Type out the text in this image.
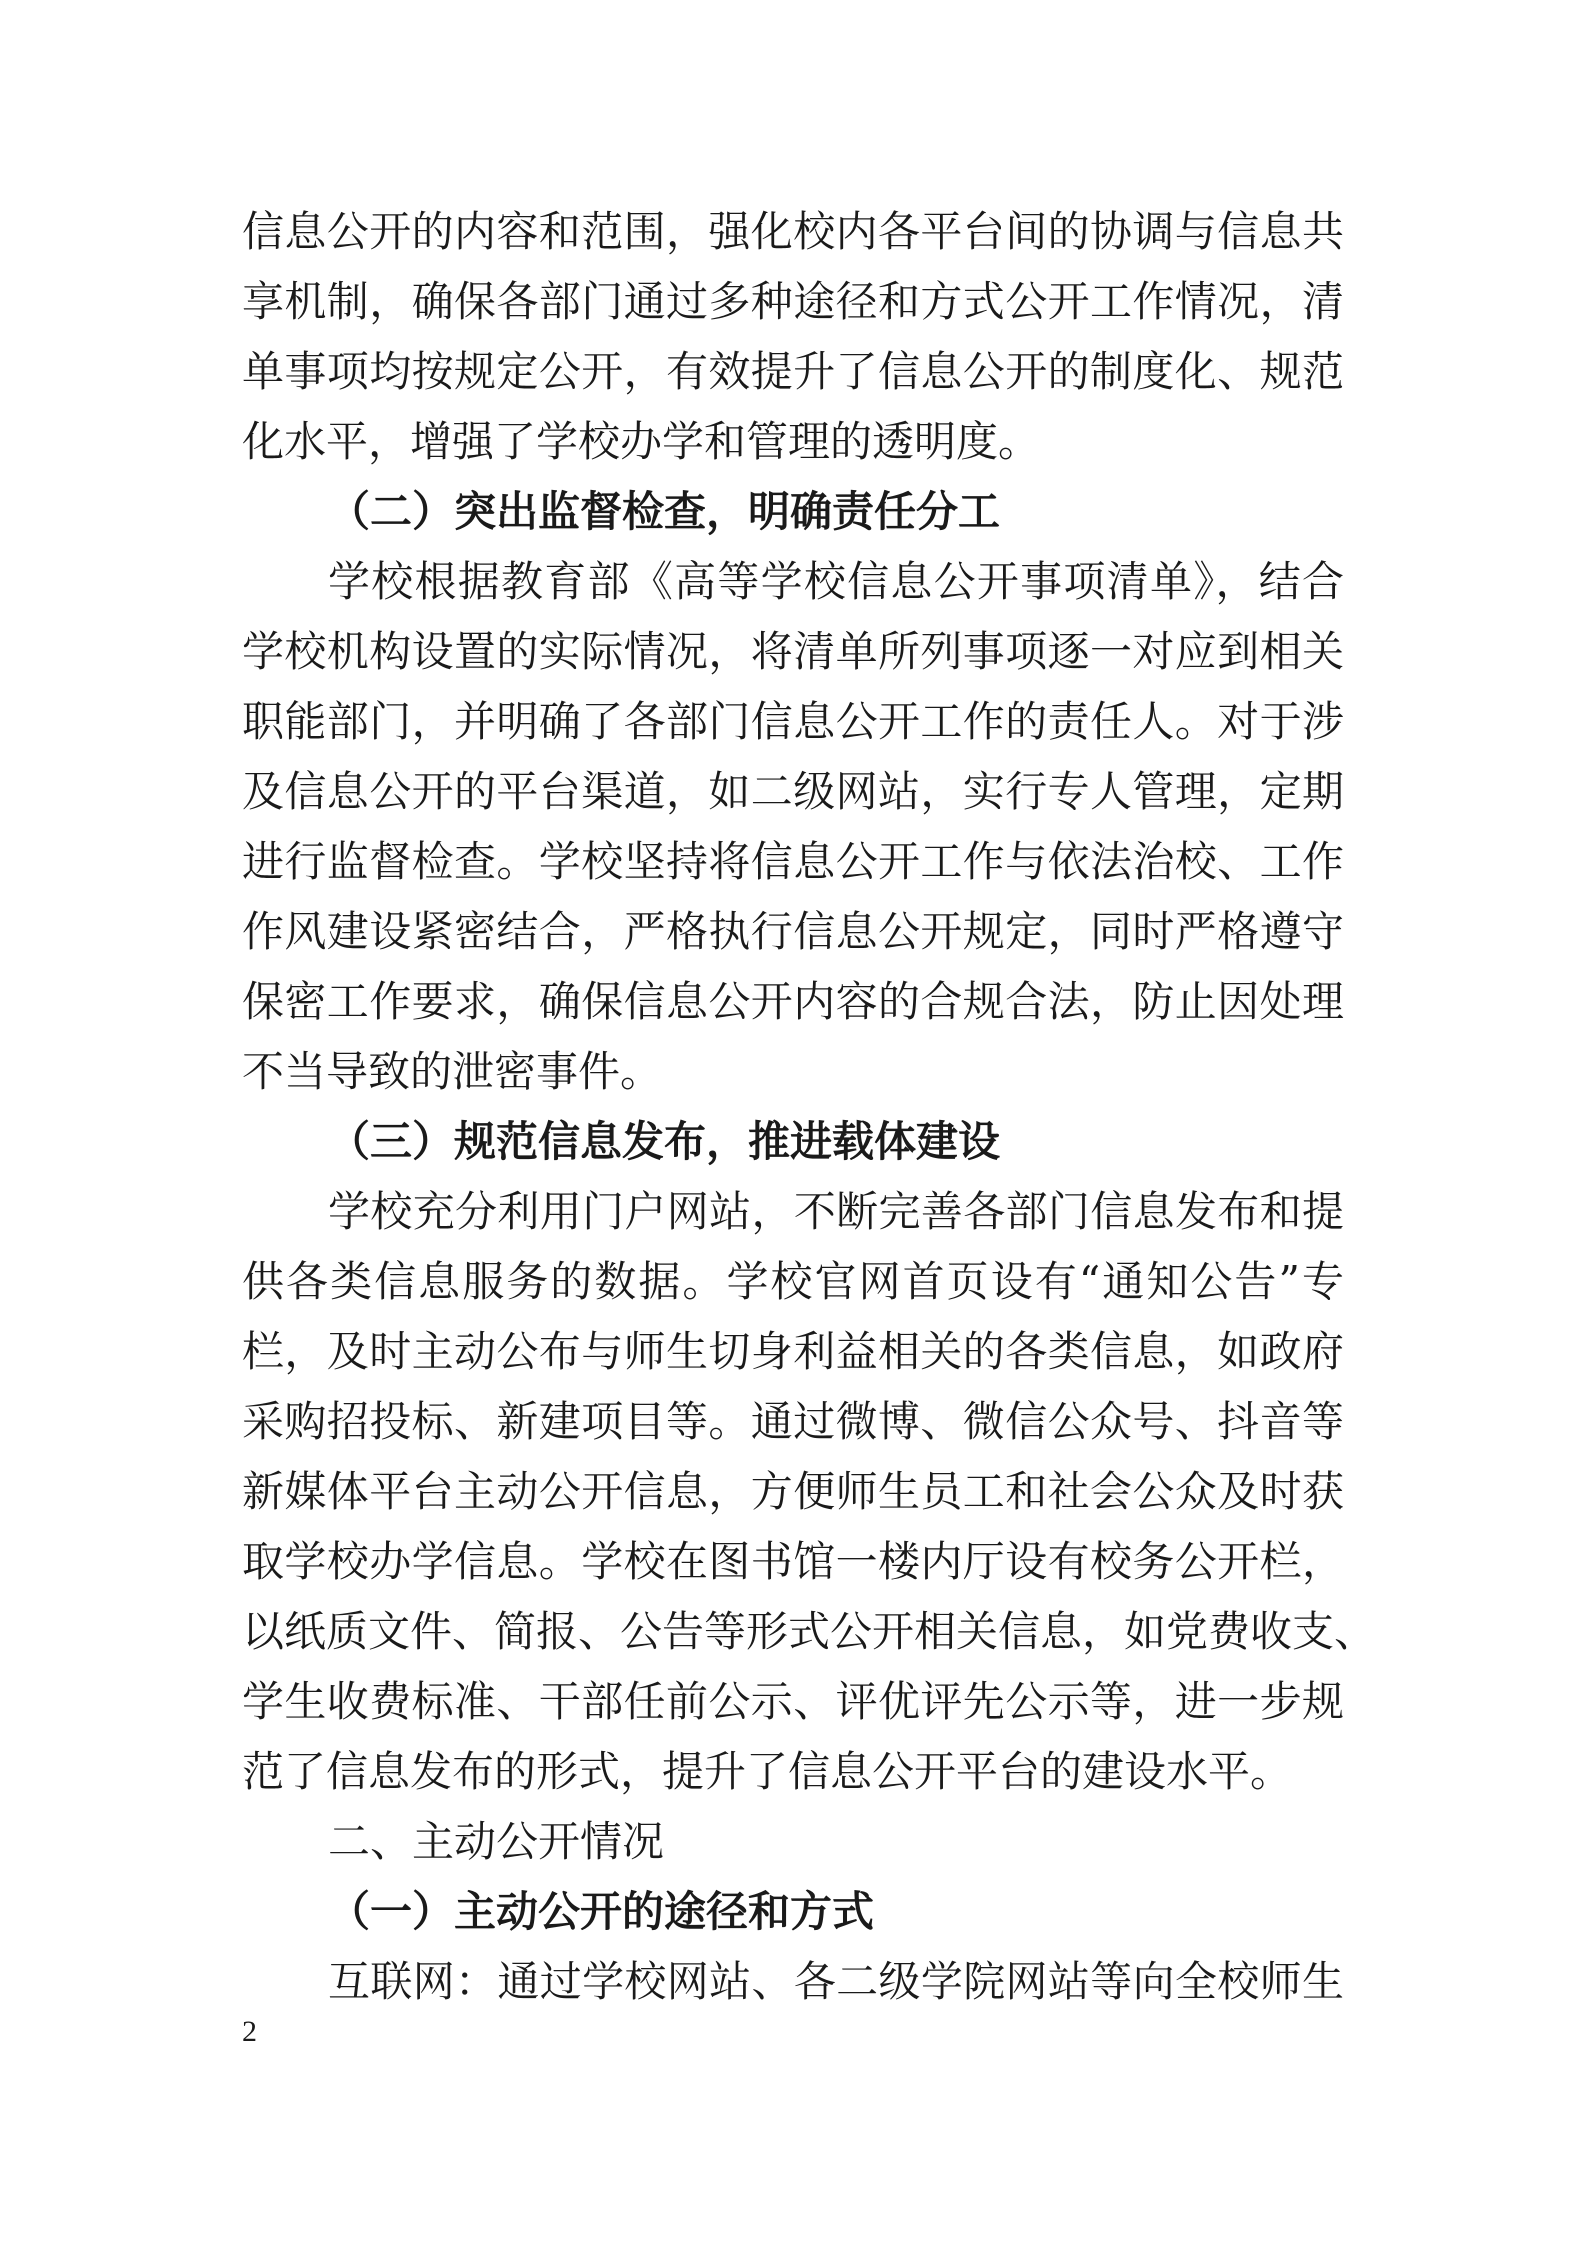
信息公开的内容和范围，强化校内各平台间的协调与信息共
享机制，确保各部门通过多种途径和方式公开工作情况，清
单事项均按规定公开，有效提升了信息公开的制度化、规范
化水平，增强了学校办学和管理的透明度。
（二）突出监督检查，明确责任分工
学校根据教育部《高等学校信息公开事项清单》，结合
学校机构设置的实际情况，将清单所列事项逐一对应到相关
职能部门，并明确了各部门信息公开工作的责任人。对于涉
及信息公开的平台渠道，如二级网站，实行专人管理，定期
进行监督检查。学校坚持将信息公开工作与依法治校、工作
作风建设紧密结合，严格执行信息公开规定，同时严格遵守
保密工作要求，确保信息公开内容的合规合法，防止因处理
不当导致的泄密事件。
（三）规范信息发布，推进载体建设
学校充分利用门户网站，不断完善各部门信息发布和提
供各类信息服务的数据。学校官网首页设有“通知公告”专
栏，及时主动公布与师生切身利益相关的各类信息，如政府
采购招投标、新建项目等。通过微博、微信公众号、抖音等
新媒体平台主动公开信息，方便师生员工和社会公众及时获
取学校办学信息。学校在图书馆一楼内厅设有校务公开栏，
以纸质文件、简报、公告等形式公开相关信息，如党费收支、
学生收费标准、干部任前公示、评优评先公示等，进一步规
范了信息发布的形式，提升了信息公开平台的建设水平。
二、主动公开情况
（一）主动公开的途径和方式
互联网：通过学校网站、各二级学院网站等向全校师生
2
